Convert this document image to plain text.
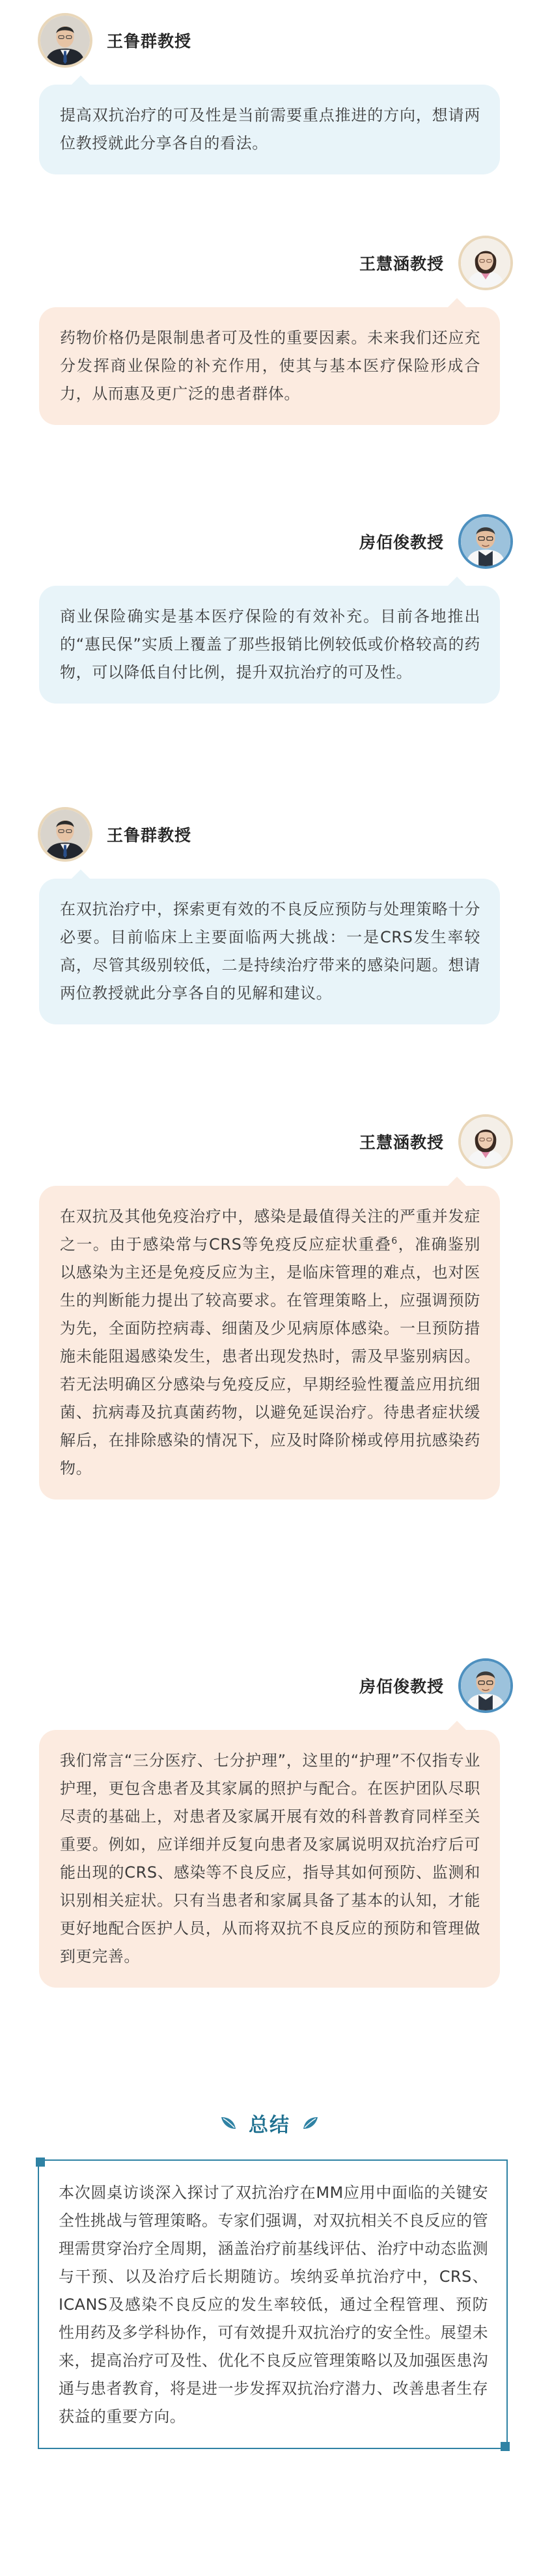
王鲁群教授
提高双抗治疗的可及性是当前需要重点推进的方向，想请两位教授就此分享各自的看法。
王慧涵教授
药物价格仍是限制患者可及性的重要因素。未来我们还应充分发挥商业保险的补充作用，使其与基本医疗保险形成合力，从而惠及更广泛的患者群体。
房佰俊教授
商业保险确实是基本医疗保险的有效补充。目前各地推出的“惠民保”实质上覆盖了那些报销比例较低或价格较高的药物，可以降低自付比例，提升双抗治疗的可及性。
王鲁群教授
在双抗治疗中，探索更有效的不良反应预防与处理策略十分必要。目前临床上主要面临两大挑战：一是CRS发生率较高，尽管其级别较低，二是持续治疗带来的感染问题。想请两位教授就此分享各自的见解和建议。
王慧涵教授
在双抗及其他免疫治疗中，感染是最值得关注的严重并发症之一。由于感染常与CRS等免疫反应症状重叠$^6$，准确鉴别以感染为主还是免疫反应为主，是临床管理的难点，也对医生的判断能力提出了较高要求。在管理策略上，应强调预防为先，全面防控病毒、细菌及少见病原体感染。一旦预防措施未能阻遏感染发生，患者出现发热时，需及早鉴别病因。若无法明确区分感染与免疫反应，早期经验性覆盖应用抗细菌、抗病毒及抗真菌药物，以避免延误治疗。待患者症状缓解后，在排除感染的情况下，应及时降阶梯或停用抗感染药物。
房佰俊教授
我们常言“三分医疗、七分护理”，这里的“护理”不仅指专业护理，更包含患者及其家属的照护与配合。在医护团队尽职尽责的基础上，对患者及家属开展有效的科普教育同样至关重要。例如，应详细并反复向患者及家属说明双抗治疗后可能出现的CRS、感染等不良反应，指导其如何预防、监测和识别相关症状。只有当患者和家属具备了基本的认知，才能更好地配合医护人员，从而将双抗不良反应的预防和管理做到更完善。
总结
本次圆桌访谈深入探讨了双抗治疗在MM应用中面临的关键安全性挑战与管理策略。专家们强调，对双抗相关不良反应的管理需贯穿治疗全周期，涵盖治疗前基线评估、治疗中动态监测与干预、以及治疗后长期随访。埃纳妥单抗治疗中，CRS、ICANS及感染不良反应的发生率较低，通过全程管理、预防性用药及多学科协作，可有效提升双抗治疗的安全性。展望未来，提高治疗可及性、优化不良反应管理策略以及加强医患沟通与患者教育，将是进一步发挥双抗治疗潜力、改善患者生存获益的重要方向。
